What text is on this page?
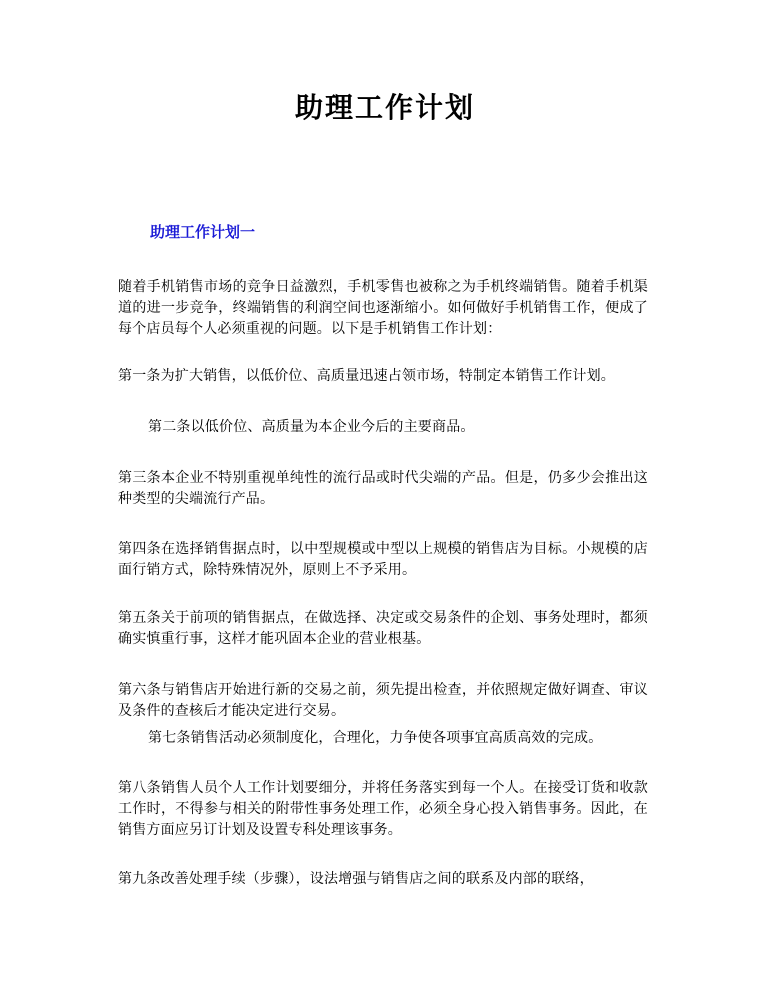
助理工作计划
助理工作计划一

随着手机销售市场的竞争日益激烈，手机零售也被称之为手机终端销售。随着手机渠道的进一步竞争，终端销售的利润空间也逐渐缩小。如何做好手机销售工作，便成了每个店员每个人必须重视的问题。以下是手机销售工作计划：

第一条为扩大销售，以低价位、高质量迅速占领市场，特制定本销售工作计划。

第二条以低价位、高质量为本企业今后的主要商品。

第三条本企业不特别重视单纯性的流行品或时代尖端的产品。但是，仍多少会推出这种类型的尖端流行产品。

第四条在选择销售据点时，以中型规模或中型以上规模的销售店为目标。小规模的店面行销方式，除特殊情况外，原则上不予采用。

第五条关于前项的销售据点，在做选择、决定或交易条件的企划、事务处理时，都须确实慎重行事，这样才能巩固本企业的营业根基。

第六条与销售店开始进行新的交易之前，须先提出检查，并依照规定做好调查、审议及条件的查核后才能决定进行交易。

第七条销售活动必须制度化，合理化，力争使各项事宜高质高效的完成。

第八条销售人员个人工作计划要细分，并将任务落实到每一个人。在接受订货和收款工作时，不得参与相关的附带性事务处理工作，必须全身心投入销售事务。因此，在销售方面应另订计划及设置专科处理该事务。

第九条改善处理手续（步骤），设法增强与销售店之间的联系及内部的联络，
